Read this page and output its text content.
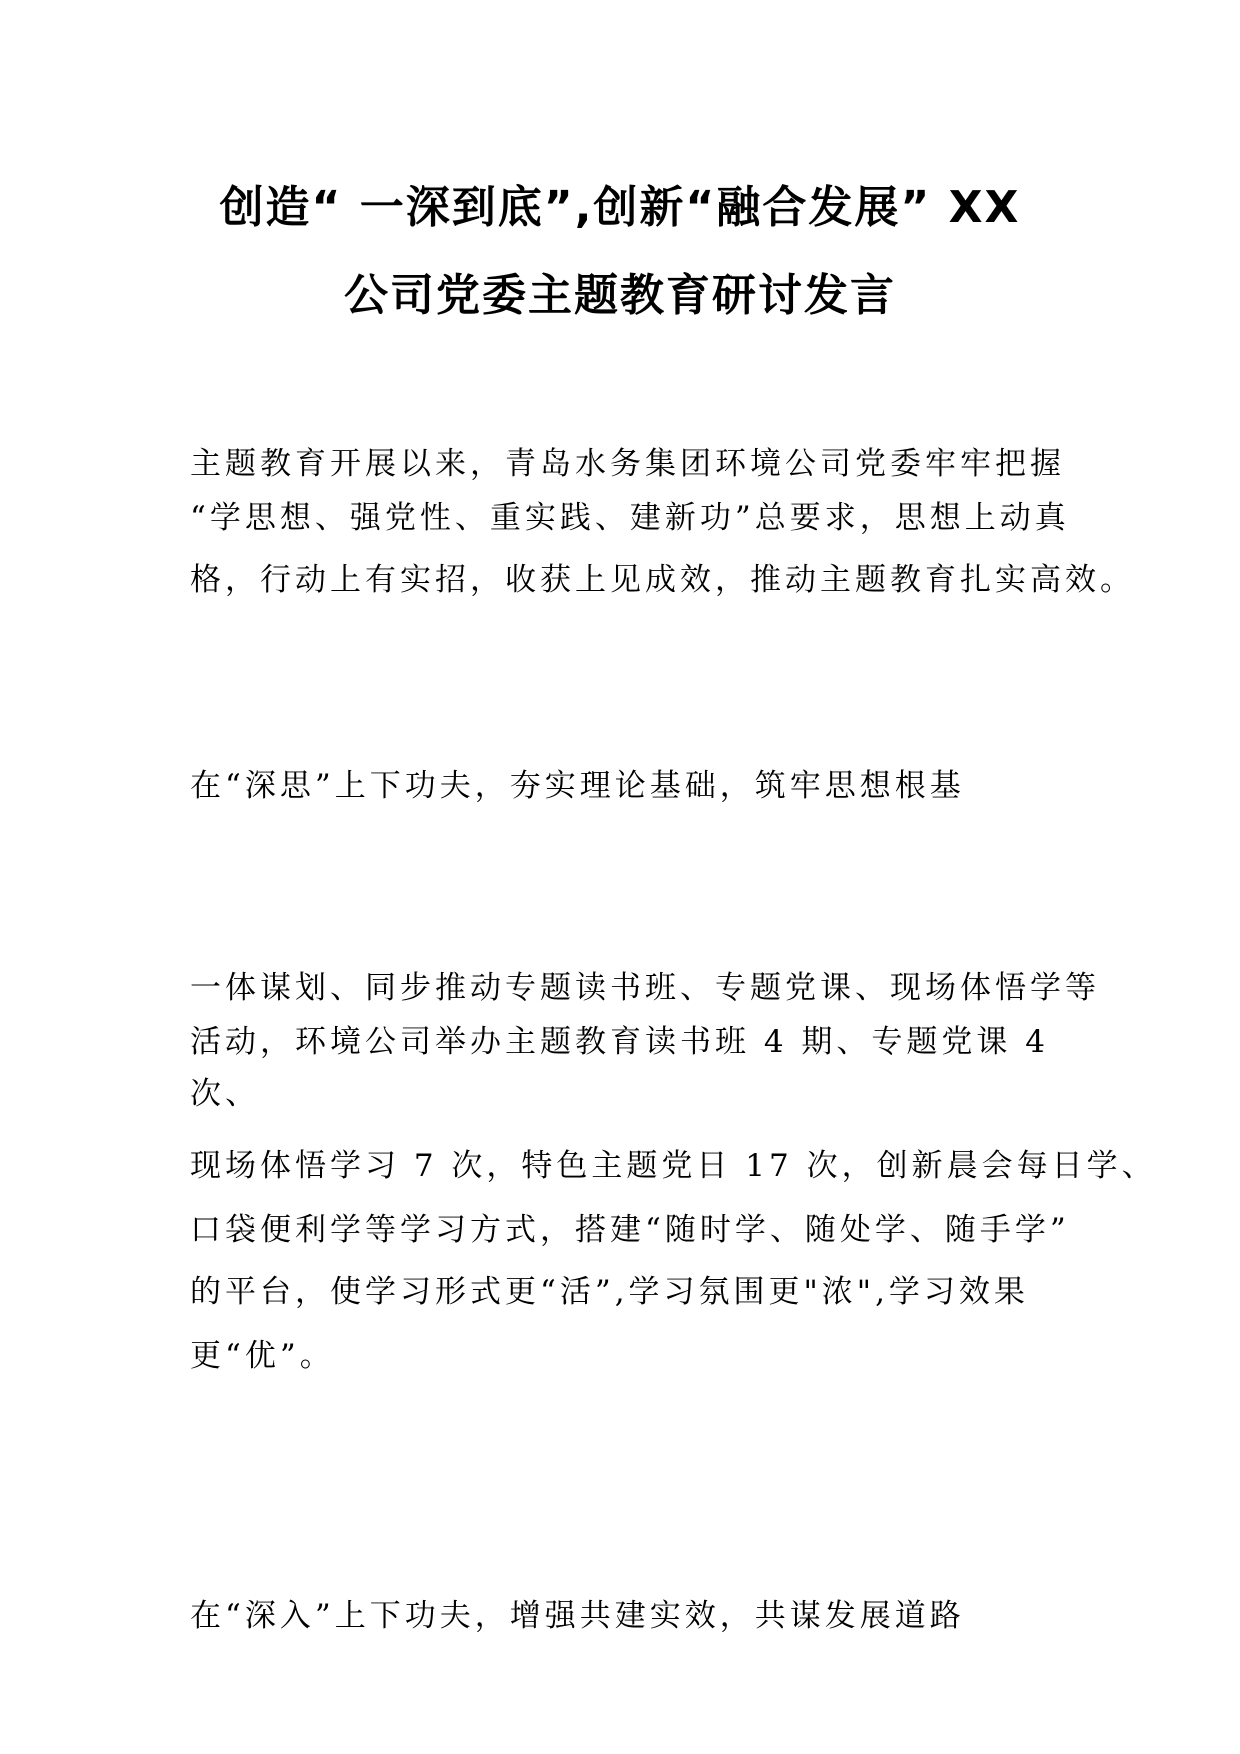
创造“ 一深到底”,创新“融合发展” XX
公司党委主题教育研讨发言
主题教育开展以来，青岛水务集团环境公司党委牢牢把握
“学思想、强党性、重实践、建新功”总要求，思想上动真
格，行动上有实招，收获上见成效，推动主题教育扎实高效。
在“深思”上下功夫，夯实理论基础，筑牢思想根基
一体谋划、同步推动专题读书班、专题党课、现场体悟学等
活动，环境公司举办主题教育读书班 4 期、专题党课 4
次、
现场体悟学习 7 次，特色主题党日 17 次，创新晨会每日学、
口袋便利学等学习方式，搭建“随时学、随处学、随手学”
的平台，使学习形式更“活”,学习氛围更"浓",学习效果
更“优”。
在“深入”上下功夫，增强共建实效，共谋发展道路
